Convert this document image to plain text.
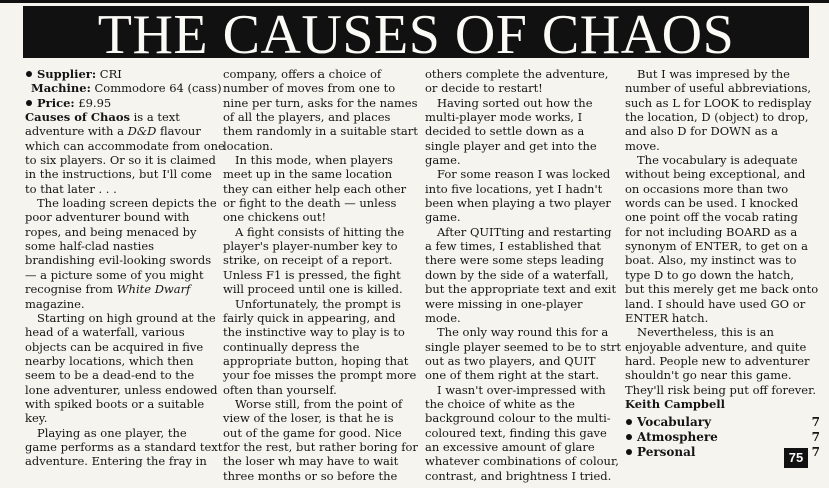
THE CAUSES OF CHAOS
Supplier:
CRI
Machine:
Commodore 64 (cass)
Price:
£9.95

Causes of Chaos is a text

adventure with a D&D flavour

which can accommodate from one

to six players. Or so it is claimed

in the instructions, but I'll come

to that later . . .

The loading screen depicts the

poor adventurer bound with

ropes, and being menaced by

some half-clad nasties

brandishing evil-looking swords

— a picture some of you might

recognise from White Dwarf

magazine.

Starting on high ground at the

head of a waterfall, various

objects can be acquired in five

nearby locations, which then

seem to be a dead-end to the

lone adventurer, unless endowed

with spiked boots or a suitable

key.

Playing as one player, the

game performs as a standard text

adventure. Entering the fray in

company, offers a choice of

number of moves from one to

nine per turn, asks for the names

of all the players, and places

them randomly in a suitable start

location.

In this mode, when players

meet up in the same location

they can either help each other

or fight to the death — unless

one chickens out!

A fight consists of hitting the

player's player-number key to

strike, on receipt of a report.

Unless F1 is pressed, the fight

will proceed until one is killed.

Unfortunately, the prompt is

fairly quick in appearing, and

the instinctive way to play is to

continually depress the

appropriate button, hoping that

your foe misses the prompt more

often than yourself.

Worse still, from the point of

view of the loser, is that he is

out of the game for good. Nice

for the rest, but rather boring for

the loser wh may have to wait

three months or so before the

others complete the adventure,

or decide to restart!

Having sorted out how the

multi-player mode works, I

decided to settle down as a

single player and get into the

game.

For some reason I was locked

into five locations, yet I hadn't

been when playing a two player

game.

After QUITting and restarting

a few times, I established that

there were some steps leading

down by the side of a waterfall,

but the appropriate text and exit

were missing in one-player

mode.

The only way round this for a

single player seemed to be to strt

out as two players, and QUIT

one of them right at the start.

I wasn't over-impressed with

the choice of white as the

background colour to the multi-

coloured text, finding this gave

an excessive amount of glare

whatever combinations of colour,

contrast, and brightness I tried.

But I was impresed by the

number of useful abbreviations,

such as L for LOOK to redisplay

the location, D (object) to drop,

and also D for DOWN as a

move.

The vocabulary is adequate

without being exceptional, and

on occasions more than two

words can be used. I knocked

one point off the vocab rating

for not including BOARD as a

synonym of ENTER, to get on a

boat. Also, my instinct was to

type D to go down the hatch,

but this merely get me back onto

land. I should have used GO or

ENTER hatch.

Nevertheless, this is an

enjoyable adventure, and quite

hard. People new to adventurer

shouldn't go near this game.

They'll risk being put off forever.

Keith Campbell

Vocabulary	7
Atmosphere	7
Personal	7
75
